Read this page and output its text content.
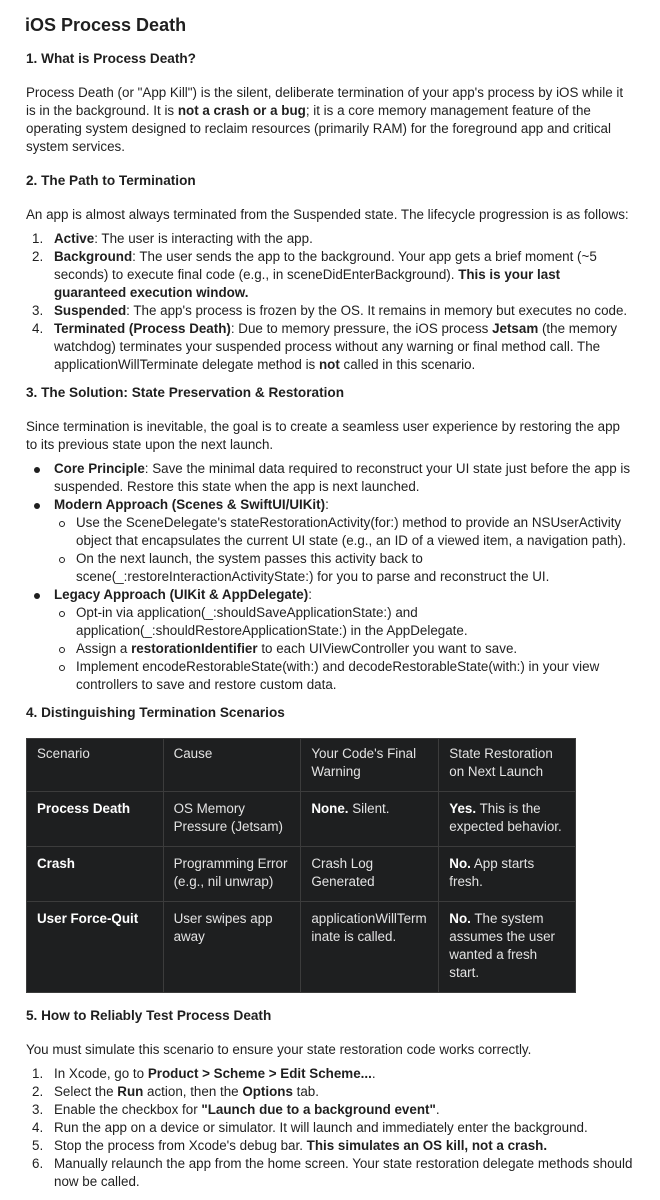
iOS Process Death
1. What is Process Death?

Process Death (or "App Kill") is the silent, deliberate termination of your app's process by iOS while it is in the background. It is not a crash or a bug; it is a core memory management feature of the operating system designed to reclaim resources (primarily RAM) for the foreground app and critical system services.

2. The Path to Termination

An app is almost always terminated from the Suspended state. The lifecycle progression is as follows:

1. Active: The user is interacting with the app.
2. Background: The user sends the app to the background. Your app gets a brief moment (~5 seconds) to execute final code (e.g., in sceneDidEnterBackground). This is your last guaranteed execution window.
3. Suspended: The app's process is frozen by the OS. It remains in memory but executes no code.
4. Terminated (Process Death): Due to memory pressure, the iOS process Jetsam (the memory watchdog) terminates your suspended process without any warning or final method call. The applicationWillTerminate delegate method is not called in this scenario.
3. The Solution: State Preservation & Restoration

Since termination is inevitable, the goal is to create a seamless user experience by restoring the app to its previous state upon the next launch.

Core Principle: Save the minimal data required to reconstruct your UI state just before the app is suspended. Restore this state when the app is next launched.
Modern Approach (Scenes & SwiftUI/UIKit):
Use the SceneDelegate's stateRestorationActivity(for:) method to provide an NSUserActivity object that encapsulates the current UI state (e.g., an ID of a viewed item, a navigation path).
On the next launch, the system passes this activity back to scene(_:restoreInteractionActivityState:) for you to parse and reconstruct the UI.
Legacy Approach (UIKit & AppDelegate):
Opt-in via application(_:shouldSaveApplicationState:) and application(_:shouldRestoreApplicationState:) in the AppDelegate.
Assign a restorationIdentifier to each UIViewController you want to save.
Implement encodeRestorableState(with:) and decodeRestorableState(with:) in your view controllers to save and restore custom data.
4. Distinguishing Termination Scenarios
Scenario	Cause	Your Code's Final Warning	State Restoration on Next Launch
Process Death	OS Memory Pressure (Jetsam)	None. Silent.	Yes. This is the expected behavior.
Crash	Programming Error (e.g., nil unwrap)	Crash Log Generated	No. App starts fresh.
User Force-Quit	User swipes app away	applicationWillTerm inate is called.	No. The system assumes the user wanted a fresh start.
5. How to Reliably Test Process Death

You must simulate this scenario to ensure your state restoration code works correctly.

1. In Xcode, go to Product > Scheme > Edit Scheme....
2. Select the Run action, then the Options tab.
3. Enable the checkbox for "Launch due to a background event".
4. Run the app on a device or simulator. It will launch and immediately enter the background.
5. Stop the process from Xcode's debug bar. This simulates an OS kill, not a crash.
6. Manually relaunch the app from the home screen. Your state restoration delegate methods should now be called.
